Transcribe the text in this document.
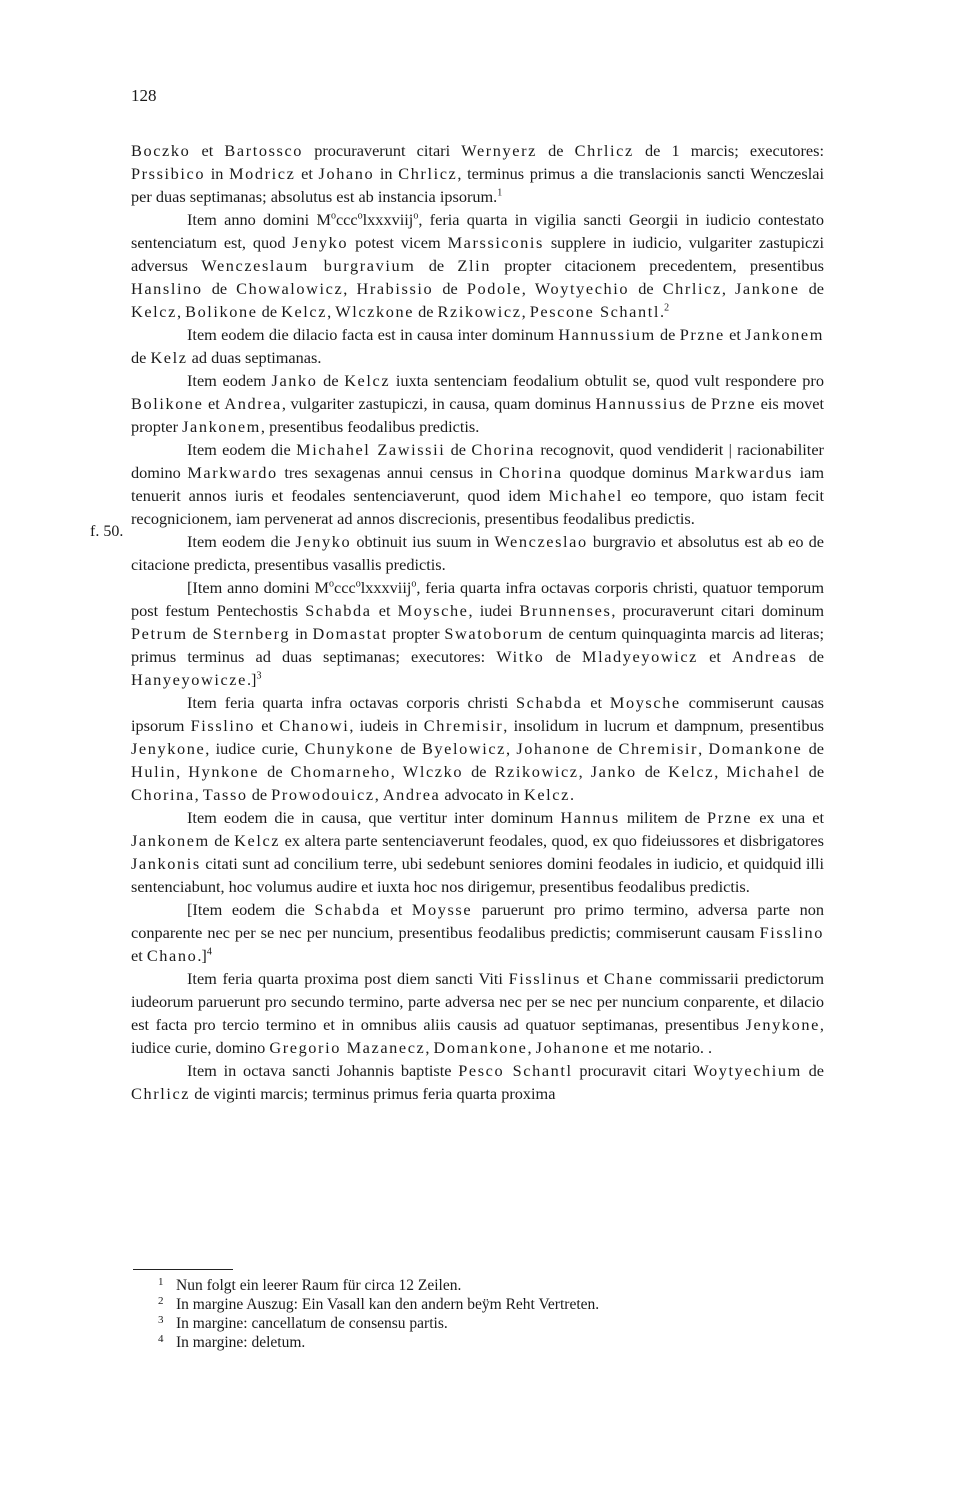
128
f. 50.

Boczko et Bartossco procuraverunt citari Wernyerz de Chrlicz de 1 marcis; executores: Prssibico in Modricz et Johano in Chrlicz, terminus primus a die translacionis sancti Wenczeslai per duas septimanas; absolutus est ab instancia ipsorum.$^1$

Item anno domini $M^occc^olxxxviij^o$, feria quarta in vigilia sancti Georgii in iudicio contestato sentenciatum est, quod Jenyko potest vicem Marssiconis supplere in iudicio, vulgariter zastupiczi adversus Wenczeslaum burgravium de Zlin propter citacionem precedentem, presentibus Hanslino de Chowalowicz, Hrabissio de Podole, Woytyechio de Chrlicz, Jankone de Kelcz, Bolikone de Kelcz, Wlczkone de Rzikowicz, Pescone Schantl.$^2$

Item eodem die dilacio facta est in causa inter dominum Hannussium de Przne et Jankonem de Kelz ad duas septimanas.

Item eodem Janko de Kelcz iuxta sentenciam feodalium obtulit se, quod vult respondere pro Bolikone et Andrea, vulgariter zastupiczi, in causa, quam dominus Hannussius de Przne eis movet propter Jankonem, presentibus feodalibus predictis.

Item eodem die Michahel Zawissii de Chorina recognovit, quod vendiderit | racionabiliter domino Markwardo tres sexagenas annui census in Chorina quodque dominus Markwardus iam tenuerit annos iuris et feodales sentenciaverunt, quod idem Michahel eo tempore, quo istam fecit recognicionem, iam pervenerat ad annos discrecionis, presentibus feodalibus predictis.

Item eodem die Jenyko obtinuit ius suum in Wenczeslao burgravio et absolutus est ab eo de citacione predicta, presentibus vasallis predictis.

[Item anno domini $M^occc^olxxxviij^o$, feria quarta infra octavas corporis christi, quatuor temporum post festum Pentechostis Schabda et Moysche, iudei Brunnenses, procuraverunt citari dominum Petrum de Sternberg in Domastat propter Swatoborum de centum quinquaginta marcis ad literas; primus terminus ad duas septimanas; executores: Witko de Mladyeyowicz et Andreas de Hanyeyowicze.]$^3$

Item feria quarta infra octavas corporis christi Schabda et Moysche commiserunt causas ipsorum Fisslino et Chanowi, iudeis in Chremisir, insolidum in lucrum et dampnum, presentibus Jenykone, iudice curie, Chunykone de Byelowicz, Johanone de Chremisir, Domankone de Hulin, Hynkone de Chomarneho, Wlczko de Rzikowicz, Janko de Kelcz, Michahel de Chorina, Tasso de Prowodouicz, Andrea advocato in Kelcz.

Item eodem die in causa, que vertitur inter dominum Hannus militem de Przne ex una et Jankonem de Kelcz ex altera parte sentenciaverunt feodales, quod, ex quo fideiussores et disbrigatores Jankonis citati sunt ad concilium terre, ubi sedebunt seniores domini feodales in iudicio, et quidquid illi sentenciabunt, hoc volumus audire et iuxta hoc nos dirigemur, presentibus feodalibus predictis.

[Item eodem die Schabda et Moysse paruerunt pro primo termino, adversa parte non conparente nec per se nec per nuncium, presentibus feodalibus predictis; commiserunt causam Fisslino et Chano.]$^4$

Item feria quarta proxima post diem sancti Viti Fisslinus et Chane commissarii predictorum iudeorum paruerunt pro secundo termino, parte adversa nec per se nec per nuncium conparente, et dilacio est facta pro tercio termino et in omnibus aliis causis ad quatuor septimanas, presentibus Jenykone, iudice curie, domino Gregorio Mazanecz, Domankone, Johanone et me notario. .

Item in octava sancti Johannis baptiste Pesco Schantl procuravit citari Woytyechium de Chrlicz de viginti marcis; terminus primus feria quarta proxima

1 Nun folgt ein leerer Raum für circa 12 Zeilen.

2 In margine Auszug: Ein Vasall kan den andern beÿm Reht Vertreten.

3 In margine: cancellatum de consensu partis.

4 In margine: deletum.
